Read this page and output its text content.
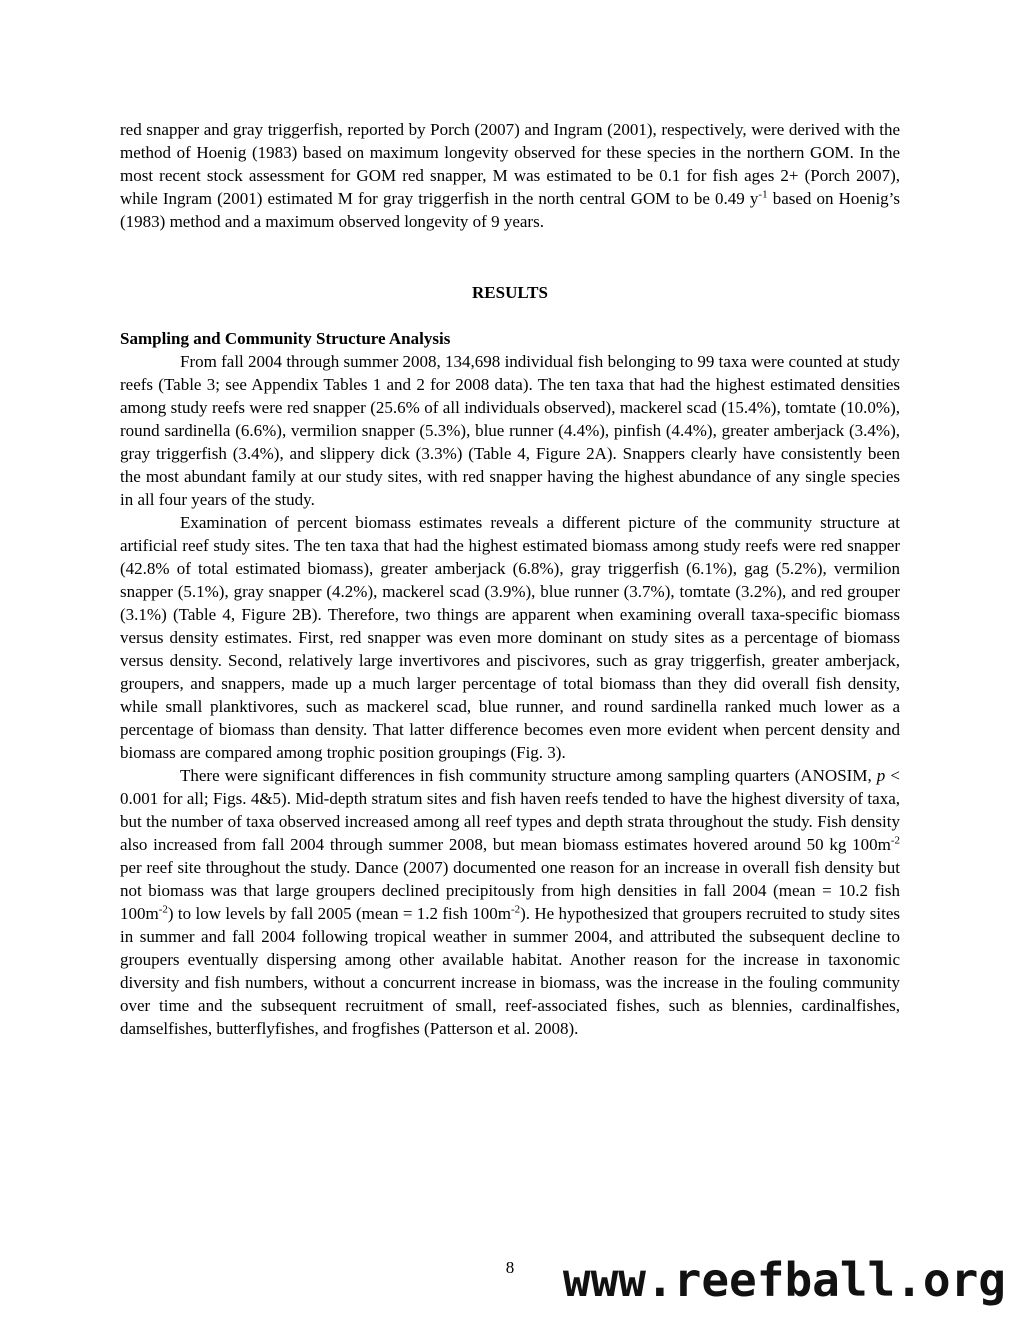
red snapper and gray triggerfish, reported by Porch (2007) and Ingram (2001), respectively, were derived with the method of Hoenig (1983) based on maximum longevity observed for these species in the northern GOM. In the most recent stock assessment for GOM red snapper, M was estimated to be 0.1 for fish ages 2+ (Porch 2007), while Ingram (2001) estimated M for gray triggerfish in the north central GOM to be 0.49 $y^{-1}$ based on Hoenig’s (1983) method and a maximum observed longevity of 9 years.

RESULTS
Sampling and Community Structure Analysis

From fall 2004 through summer 2008, 134,698 individual fish belonging to 99 taxa were counted at study reefs (Table 3; see Appendix Tables 1 and 2 for 2008 data). The ten taxa that had the highest estimated densities among study reefs were red snapper (25.6% of all individuals observed), mackerel scad (15.4%), tomtate (10.0%), round sardinella (6.6%), vermilion snapper (5.3%), blue runner (4.4%), pinfish (4.4%), greater amberjack (3.4%), gray triggerfish (3.4%), and slippery dick (3.3%) (Table 4, Figure 2A). Snappers clearly have consistently been the most abundant family at our study sites, with red snapper having the highest abundance of any single species in all four years of the study.

Examination of percent biomass estimates reveals a different picture of the community structure at artificial reef study sites. The ten taxa that had the highest estimated biomass among study reefs were red snapper (42.8% of total estimated biomass), greater amberjack (6.8%), gray triggerfish (6.1%), gag (5.2%), vermilion snapper (5.1%), gray snapper (4.2%), mackerel scad (3.9%), blue runner (3.7%), tomtate (3.2%), and red grouper (3.1%) (Table 4, Figure 2B). Therefore, two things are apparent when examining overall taxa-specific biomass versus density estimates. First, red snapper was even more dominant on study sites as a percentage of biomass versus density. Second, relatively large invertivores and piscivores, such as gray triggerfish, greater amberjack, groupers, and snappers, made up a much larger percentage of total biomass than they did overall fish density, while small planktivores, such as mackerel scad, blue runner, and round sardinella ranked much lower as a percentage of biomass than density. That latter difference becomes even more evident when percent density and biomass are compared among trophic position groupings (Fig. 3).

There were significant differences in fish community structure among sampling quarters (ANOSIM, p < 0.001 for all; Figs. 4&5). Mid-depth stratum sites and fish haven reefs tended to have the highest diversity of taxa, but the number of taxa observed increased among all reef types and depth strata throughout the study. Fish density also increased from fall 2004 through summer 2008, but mean biomass estimates hovered around 50 kg $100m^{-2}$ per reef site throughout the study. Dance (2007) documented one reason for an increase in overall fish density but not biomass was that large groupers declined precipitously from high densities in fall 2004 (mean = 10.2 fish $100m^{-2}$) to low levels by fall 2005 (mean = 1.2 fish $100m^{-2}$). He hypothesized that groupers recruited to study sites in summer and fall 2004 following tropical weather in summer 2004, and attributed the subsequent decline to groupers eventually dispersing among other available habitat. Another reason for the increase in taxonomic diversity and fish numbers, without a concurrent increase in biomass, was the increase in the fouling community over time and the subsequent recruitment of small, reef-associated fishes, such as blennies, cardinalfishes, damselfishes, butterflyfishes, and frogfishes (Patterson et al. 2008).

8	www.reefball.org
